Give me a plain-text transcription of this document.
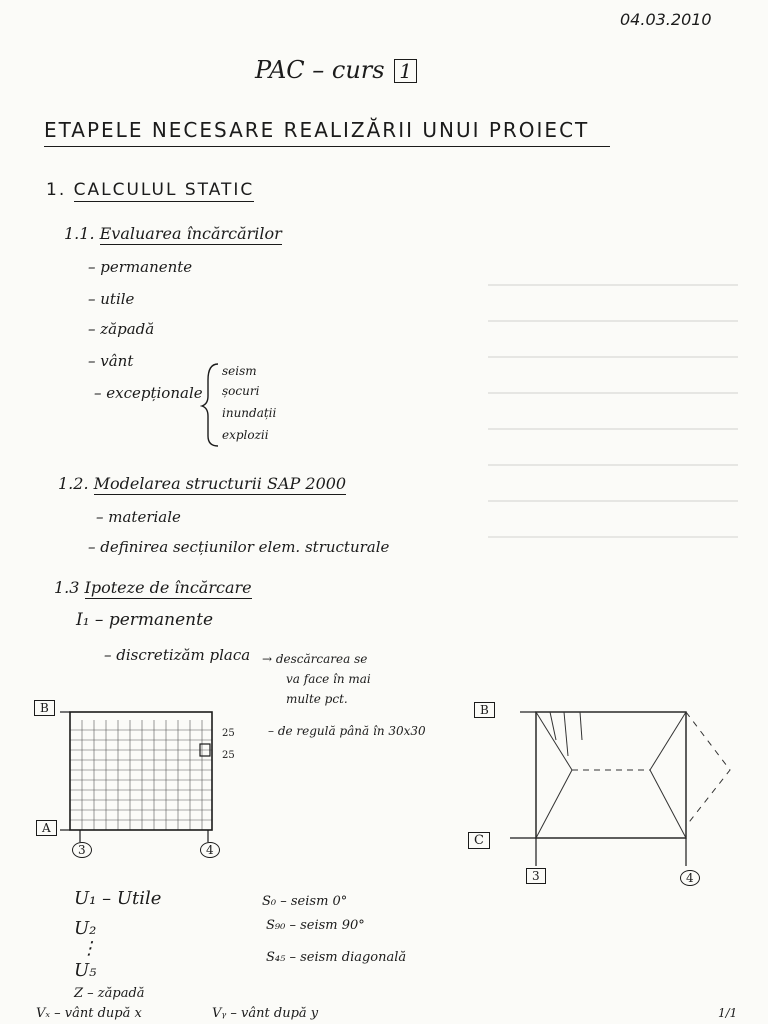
04.03.2010
PAC – curs 1
ETAPELE NECESARE REALIZĂRII UNUI PROIECT
1. CALCULUL STATIC
1.1. Evaluarea încărcărilor
– permanente
– utile
– zăpadă
– vânt
– excepționale
seism
șocuri
inundații
explozii
1.2. Modelarea structurii SAP 2000
– materiale
– definirea secțiunilor elem. structurale
1.3 Ipoteze de încărcare
I₁ – permanente
– discretizăm placa → descărcarea se
va face în mai
multe pct.
– de regulă până în 30x30
B
A
3	4
25
25
B
C
3	4
U₁ – Utile
U₂
⋮
U₅
Z – zăpadă
S₀ – seism 0°
S₉₀ – seism 90°
S₄₅ – seism diagonală
Vₓ – vânt după x	Vᵧ – vânt după y	1/1
